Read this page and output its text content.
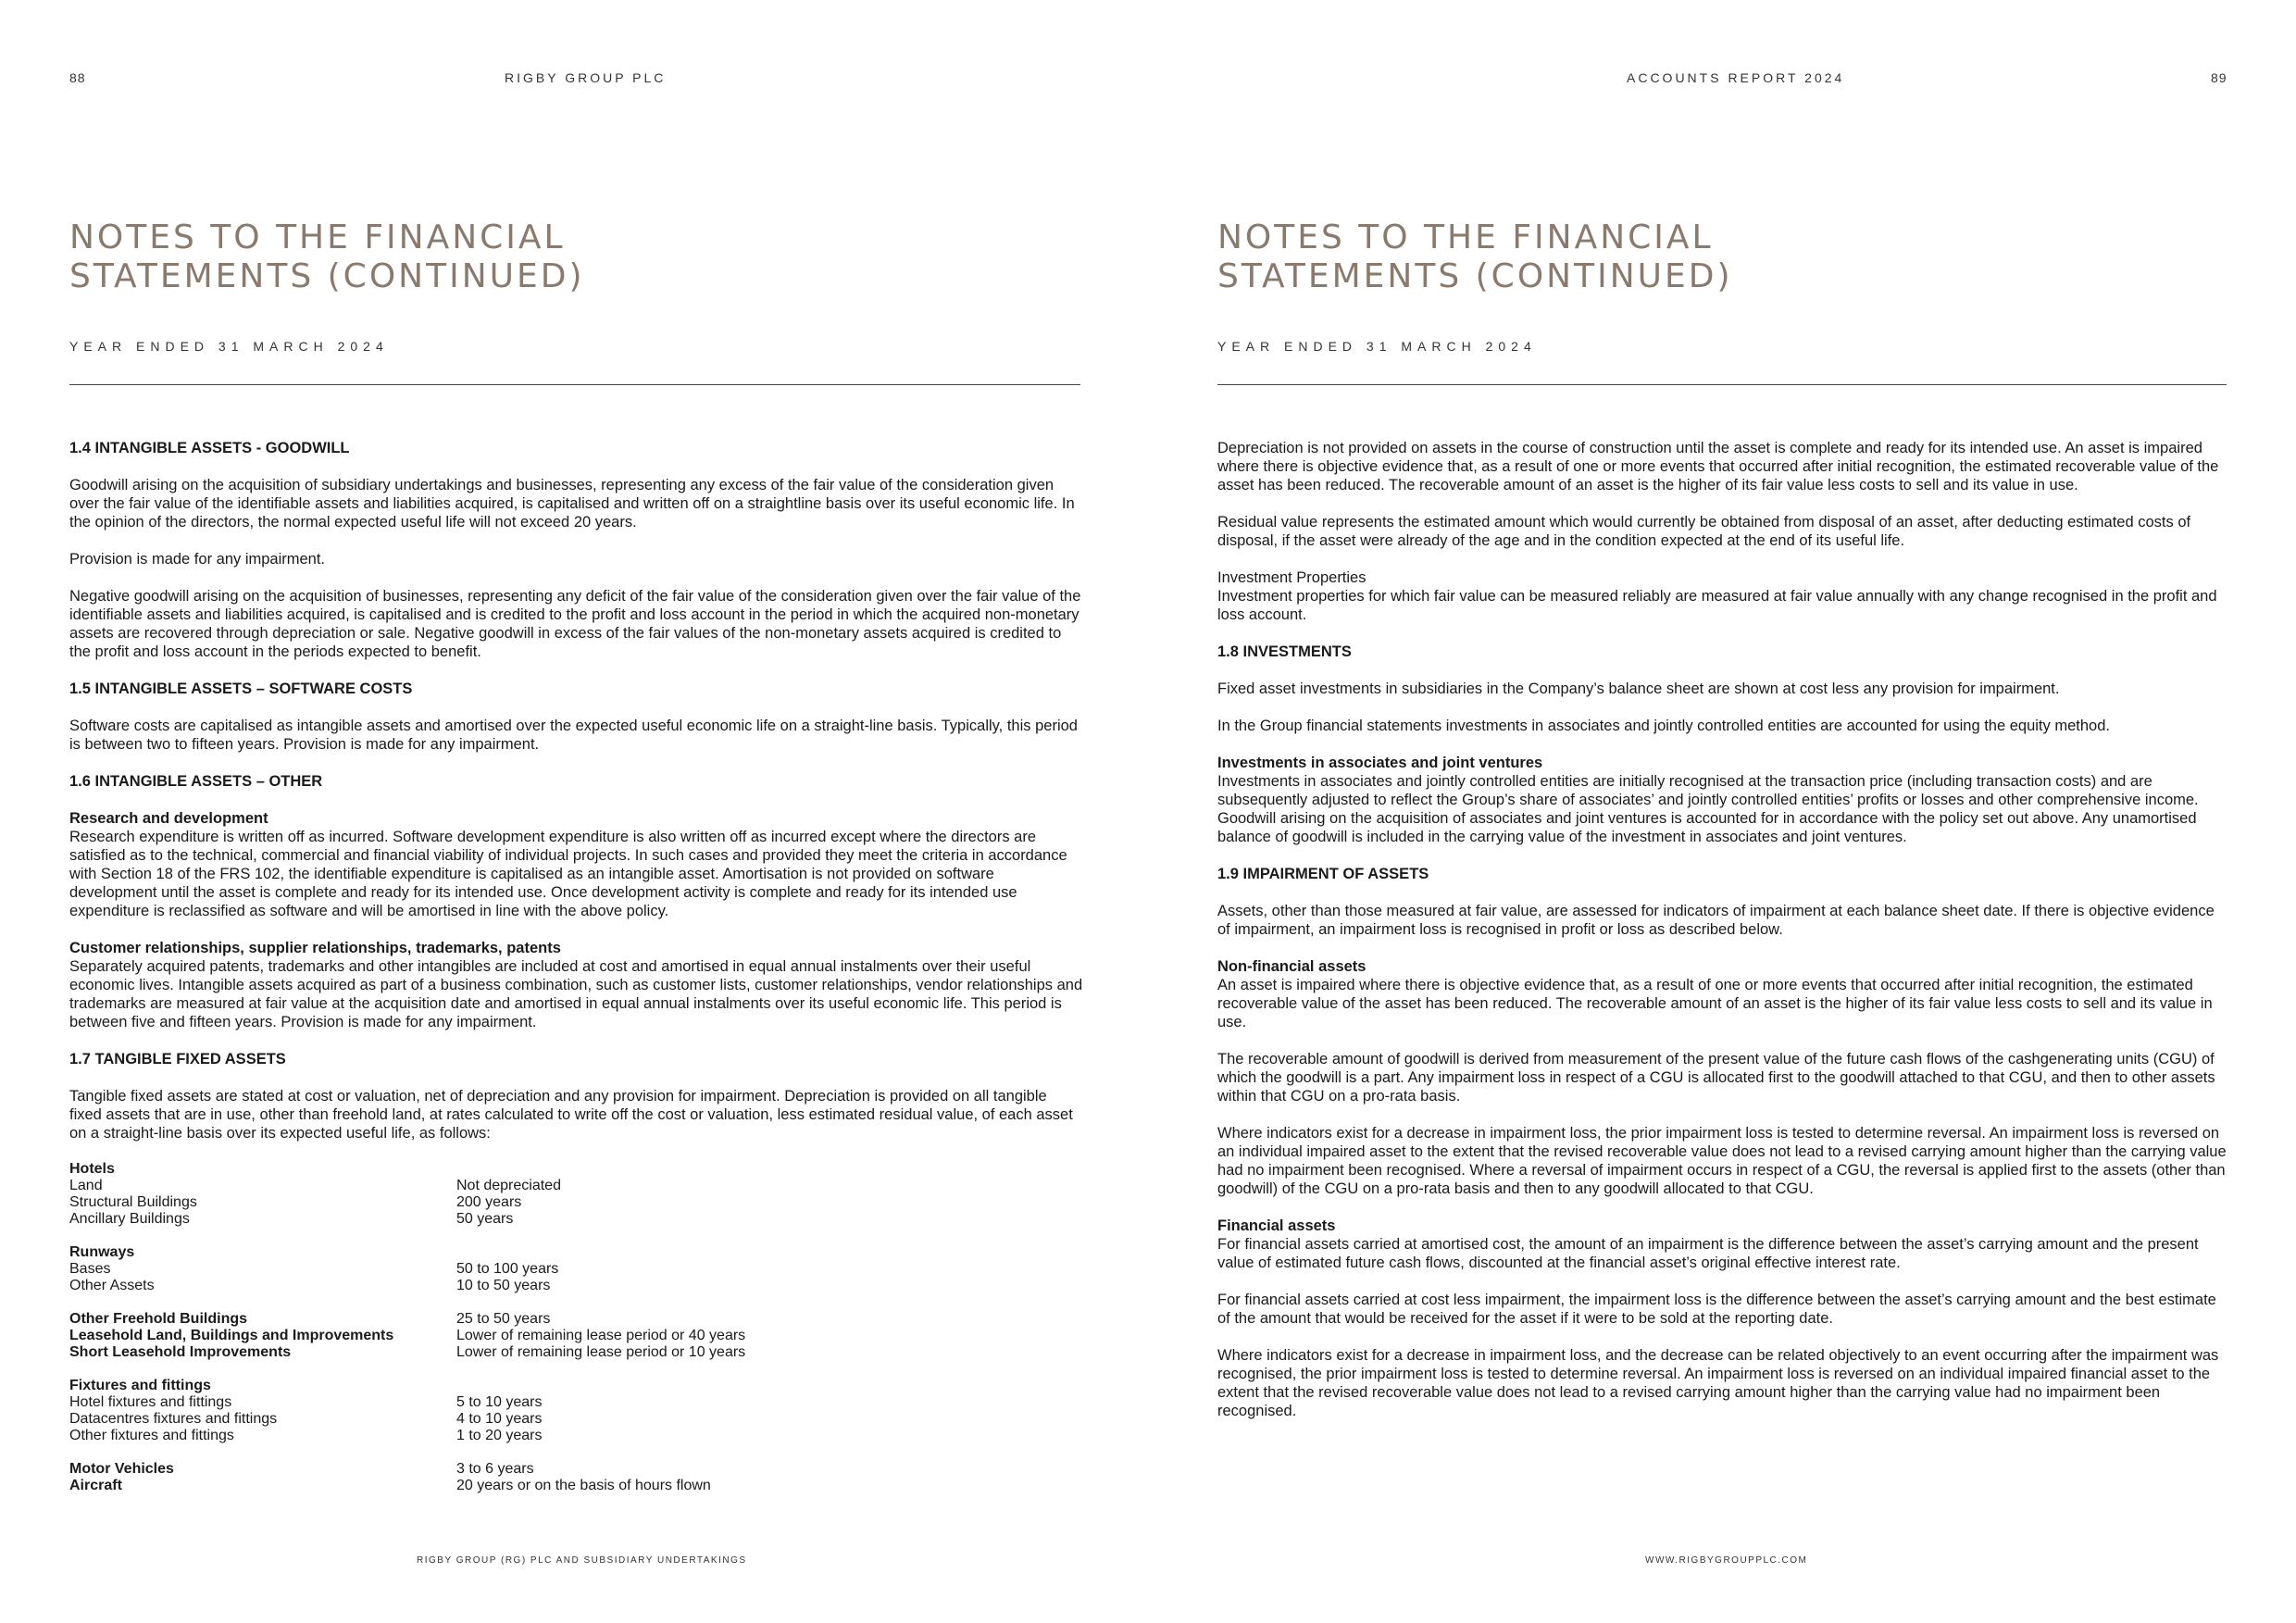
88	RIGBY GROUP PLC
NOTES TO THE FINANCIAL
STATEMENTS (CONTINUED)
YEAR ENDED 31 MARCH 2024
1.4 INTANGIBLE ASSETS - GOODWILL

Goodwill arising on the acquisition of subsidiary undertakings and businesses, representing any excess of the fair value of the consideration given over the fair value of the identifiable assets and liabilities acquired, is capitalised and written off on a straightline basis over its useful economic life. In the opinion of the directors, the normal expected useful life will not exceed 20 years.

Provision is made for any impairment.

Negative goodwill arising on the acquisition of businesses, representing any deficit of the fair value of the consideration given over the fair value of the identifiable assets and liabilities acquired, is capitalised and is credited to the profit and loss account in the period in which the acquired non-monetary assets are recovered through depreciation or sale. Negative goodwill in excess of the fair values of the non-monetary assets acquired is credited to the profit and loss account in the periods expected to benefit.

1.5 INTANGIBLE ASSETS – SOFTWARE COSTS

Software costs are capitalised as intangible assets and amortised over the expected useful economic life on a straight-line basis. Typically, this period is between two to fifteen years. Provision is made for any impairment.

1.6 INTANGIBLE ASSETS – OTHER
Research and development

Research expenditure is written off as incurred. Software development expenditure is also written off as incurred except where the directors are satisfied as to the technical, commercial and financial viability of individual projects. In such cases and provided they meet the criteria in accordance with Section 18 of the FRS 102, the identifiable expenditure is capitalised as an intangible asset. Amortisation is not provided on software development until the asset is complete and ready for its intended use. Once development activity is complete and ready for its intended use expenditure is reclassified as software and will be amortised in line with the above policy.

Customer relationships, supplier relationships, trademarks, patents

Separately acquired patents, trademarks and other intangibles are included at cost and amortised in equal annual instalments over their useful economic lives. Intangible assets acquired as part of a business combination, such as customer lists, customer relationships, vendor relationships and trademarks are measured at fair value at the acquisition date and amortised in equal annual instalments over its useful economic life. This period is between five and fifteen years. Provision is made for any impairment.

1.7 TANGIBLE FIXED ASSETS

Tangible fixed assets are stated at cost or valuation, net of depreciation and any provision for impairment. Depreciation is provided on all tangible fixed assets that are in use, other than freehold land, at rates calculated to write off the cost or valuation, less estimated residual value, of each asset on a straight-line basis over its expected useful life, as follows:

Hotels
Land	Not depreciated
Structural Buildings	200 years
Ancillary Buildings	50 years
Runways
Bases	50 to 100 years
Other Assets	10 to 50 years
Other Freehold Buildings	25 to 50 years
Leasehold Land, Buildings and Improvements	Lower of remaining lease period or 40 years
Short Leasehold Improvements	Lower of remaining lease period or 10 years
Fixtures and fittings
Hotel fixtures and fittings	5 to 10 years
Datacentres fixtures and fittings	4 to 10 years
Other fixtures and fittings	1 to 20 years
Motor Vehicles	3 to 6 years
Aircraft	20 years or on the basis of hours flown
RIGBY GROUP (RG) PLC AND SUBSIDIARY UNDERTAKINGS
ACCOUNTS REPORT 2024	89
NOTES TO THE FINANCIAL
STATEMENTS (CONTINUED)
YEAR ENDED 31 MARCH 2024

Depreciation is not provided on assets in the course of construction until the asset is complete and ready for its intended use. An asset is impaired where there is objective evidence that, as a result of one or more events that occurred after initial recognition, the estimated recoverable value of the asset has been reduced. The recoverable amount of an asset is the higher of its fair value less costs to sell and its value in use.

Residual value represents the estimated amount which would currently be obtained from disposal of an asset, after deducting estimated costs of disposal, if the asset were already of the age and in the condition expected at the end of its useful life.

Investment Properties

Investment properties for which fair value can be measured reliably are measured at fair value annually with any change recognised in the profit and loss account.

1.8 INVESTMENTS

Fixed asset investments in subsidiaries in the Company’s balance sheet are shown at cost less any provision for impairment.

In the Group financial statements investments in associates and jointly controlled entities are accounted for using the equity method.

Investments in associates and joint ventures

Investments in associates and jointly controlled entities are initially recognised at the transaction price (including transaction costs) and are subsequently adjusted to reflect the Group’s share of associates’ and jointly controlled entities’ profits or losses and other comprehensive income. Goodwill arising on the acquisition of associates and joint ventures is accounted for in accordance with the policy set out above. Any unamortised balance of goodwill is included in the carrying value of the investment in associates and joint ventures.

1.9 IMPAIRMENT OF ASSETS

Assets, other than those measured at fair value, are assessed for indicators of impairment at each balance sheet date. If there is objective evidence of impairment, an impairment loss is recognised in profit or loss as described below.

Non-financial assets

An asset is impaired where there is objective evidence that, as a result of one or more events that occurred after initial recognition, the estimated recoverable value of the asset has been reduced. The recoverable amount of an asset is the higher of its fair value less costs to sell and its value in use.

The recoverable amount of goodwill is derived from measurement of the present value of the future cash flows of the cashgenerating units (CGU) of which the goodwill is a part. Any impairment loss in respect of a CGU is allocated first to the goodwill attached to that CGU, and then to other assets within that CGU on a pro-rata basis.

Where indicators exist for a decrease in impairment loss, the prior impairment loss is tested to determine reversal. An impairment loss is reversed on an individual impaired asset to the extent that the revised recoverable value does not lead to a revised carrying amount higher than the carrying value had no impairment been recognised. Where a reversal of impairment occurs in respect of a CGU, the reversal is applied first to the assets (other than goodwill) of the CGU on a pro-rata basis and then to any goodwill allocated to that CGU.

Financial assets

For financial assets carried at amortised cost, the amount of an impairment is the difference between the asset’s carrying amount and the present value of estimated future cash flows, discounted at the financial asset’s original effective interest rate.

For financial assets carried at cost less impairment, the impairment loss is the difference between the asset’s carrying amount and the best estimate of the amount that would be received for the asset if it were to be sold at the reporting date.

Where indicators exist for a decrease in impairment loss, and the decrease can be related objectively to an event occurring after the impairment was recognised, the prior impairment loss is tested to determine reversal. An impairment loss is reversed on an individual impaired financial asset to the extent that the revised recoverable value does not lead to a revised carrying amount higher than the carrying value had no impairment been recognised.

WWW.RIGBYGROUPPLC.COM
